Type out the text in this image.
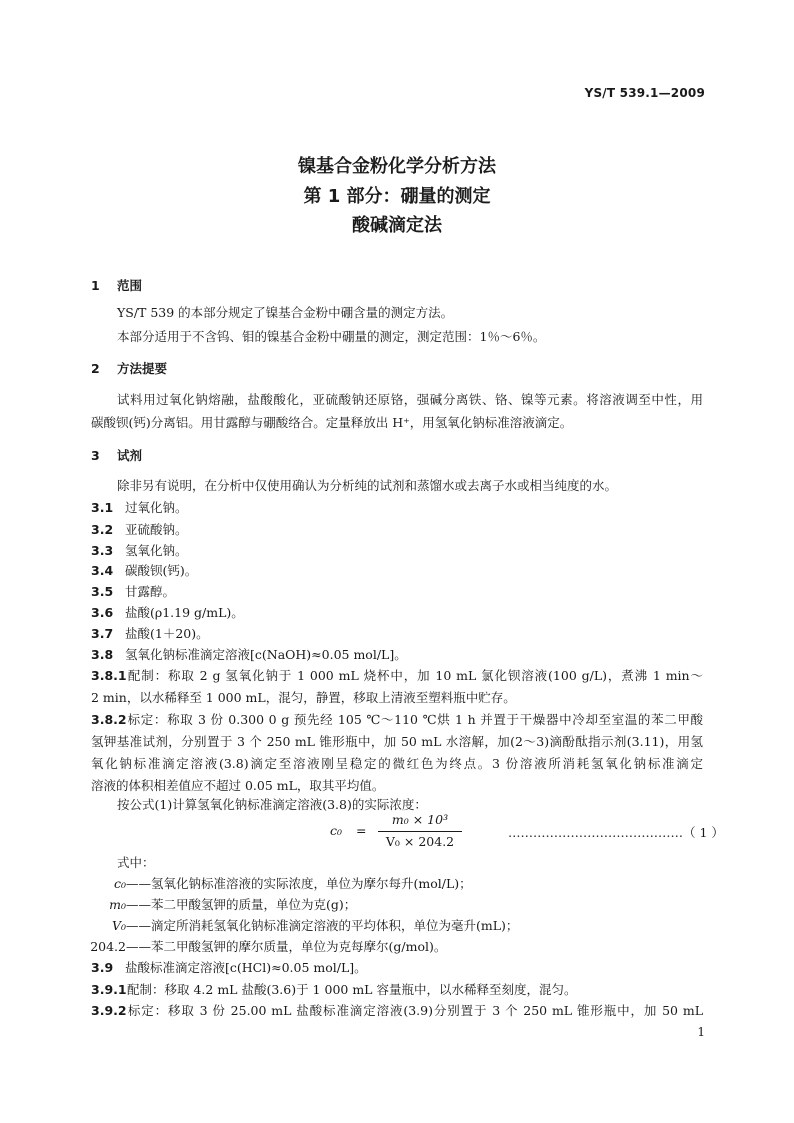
YS/T 539.1—2009
镍基合金粉化学分析方法
第 1 部分：硼量的测定
酸碱滴定法
1 范围
YS/T 539 的本部分规定了镍基合金粉中硼含量的测定方法。
本部分适用于不含钨、钼的镍基合金粉中硼量的测定，测定范围：1％～6％。
2 方法提要
试料用过氧化钠熔融，盐酸酸化，亚硫酸钠还原铬，强碱分离铁、铬、镍等元素。将溶液调至中性，用
碳酸钡(钙)分离铝。用甘露醇与硼酸络合。定量释放出 H⁺，用氢氧化钠标准溶液滴定。
3 试剂
除非另有说明，在分析中仅使用确认为分析纯的试剂和蒸馏水或去离子水或相当纯度的水。
3.1 过氧化钠。
3.2 亚硫酸钠。
3.3 氢氧化钠。
3.4 碳酸钡(钙)。
3.5 甘露醇。
3.6 盐酸(ρ1.19 g/mL)。
3.7 盐酸(1＋20)。
3.8 氢氧化钠标准滴定溶液[c(NaOH)≈0.05 mol/L]。
3.8.1配制：称取 2 g 氢氧化钠于 1 000 mL 烧杯中，加 10 mL 氯化钡溶液(100 g/L)，煮沸 1 min～
2 min，以水稀释至 1 000 mL，混匀，静置，移取上清液至塑料瓶中贮存。
3.8.2标定：称取 3 份 0.300 0 g 预先经 105 ℃～110 ℃烘 1 h 并置于干燥器中冷却至室温的苯二甲酸
氢钾基准试剂，分别置于 3 个 250 mL 锥形瓶中，加 50 mL 水溶解，加(2～3)滴酚酞指示剂(3.11)，用氢
氧化钠标准滴定溶液(3.8)滴定至溶液刚呈稳定的微红色为终点。3 份溶液所消耗氢氧化钠标准滴定
溶液的体积相差值应不超过 0.05 mL，取其平均值。
按公式(1)计算氢氧化钠标准滴定溶液(3.8)的实际浓度：
c₀ =
m₀ × 10³
V₀ × 204.2
……………………………………（ 1 ）
式中：
c₀——氢氧化钠标准溶液的实际浓度，单位为摩尔每升(mol/L)；
m₀——苯二甲酸氢钾的质量，单位为克(g)；
V₀——滴定所消耗氢氧化钠标准滴定溶液的平均体积，单位为毫升(mL)；
204.2——苯二甲酸氢钾的摩尔质量，单位为克每摩尔(g/mol)。
3.9 盐酸标准滴定溶液[c(HCl)≈0.05 mol/L]。
3.9.1配制：移取 4.2 mL 盐酸(3.6)于 1 000 mL 容量瓶中，以水稀释至刻度，混匀。
3.9.2标定：移取 3 份 25.00 mL 盐酸标准滴定溶液(3.9)分别置于 3 个 250 mL 锥形瓶中，加 50 mL
1
